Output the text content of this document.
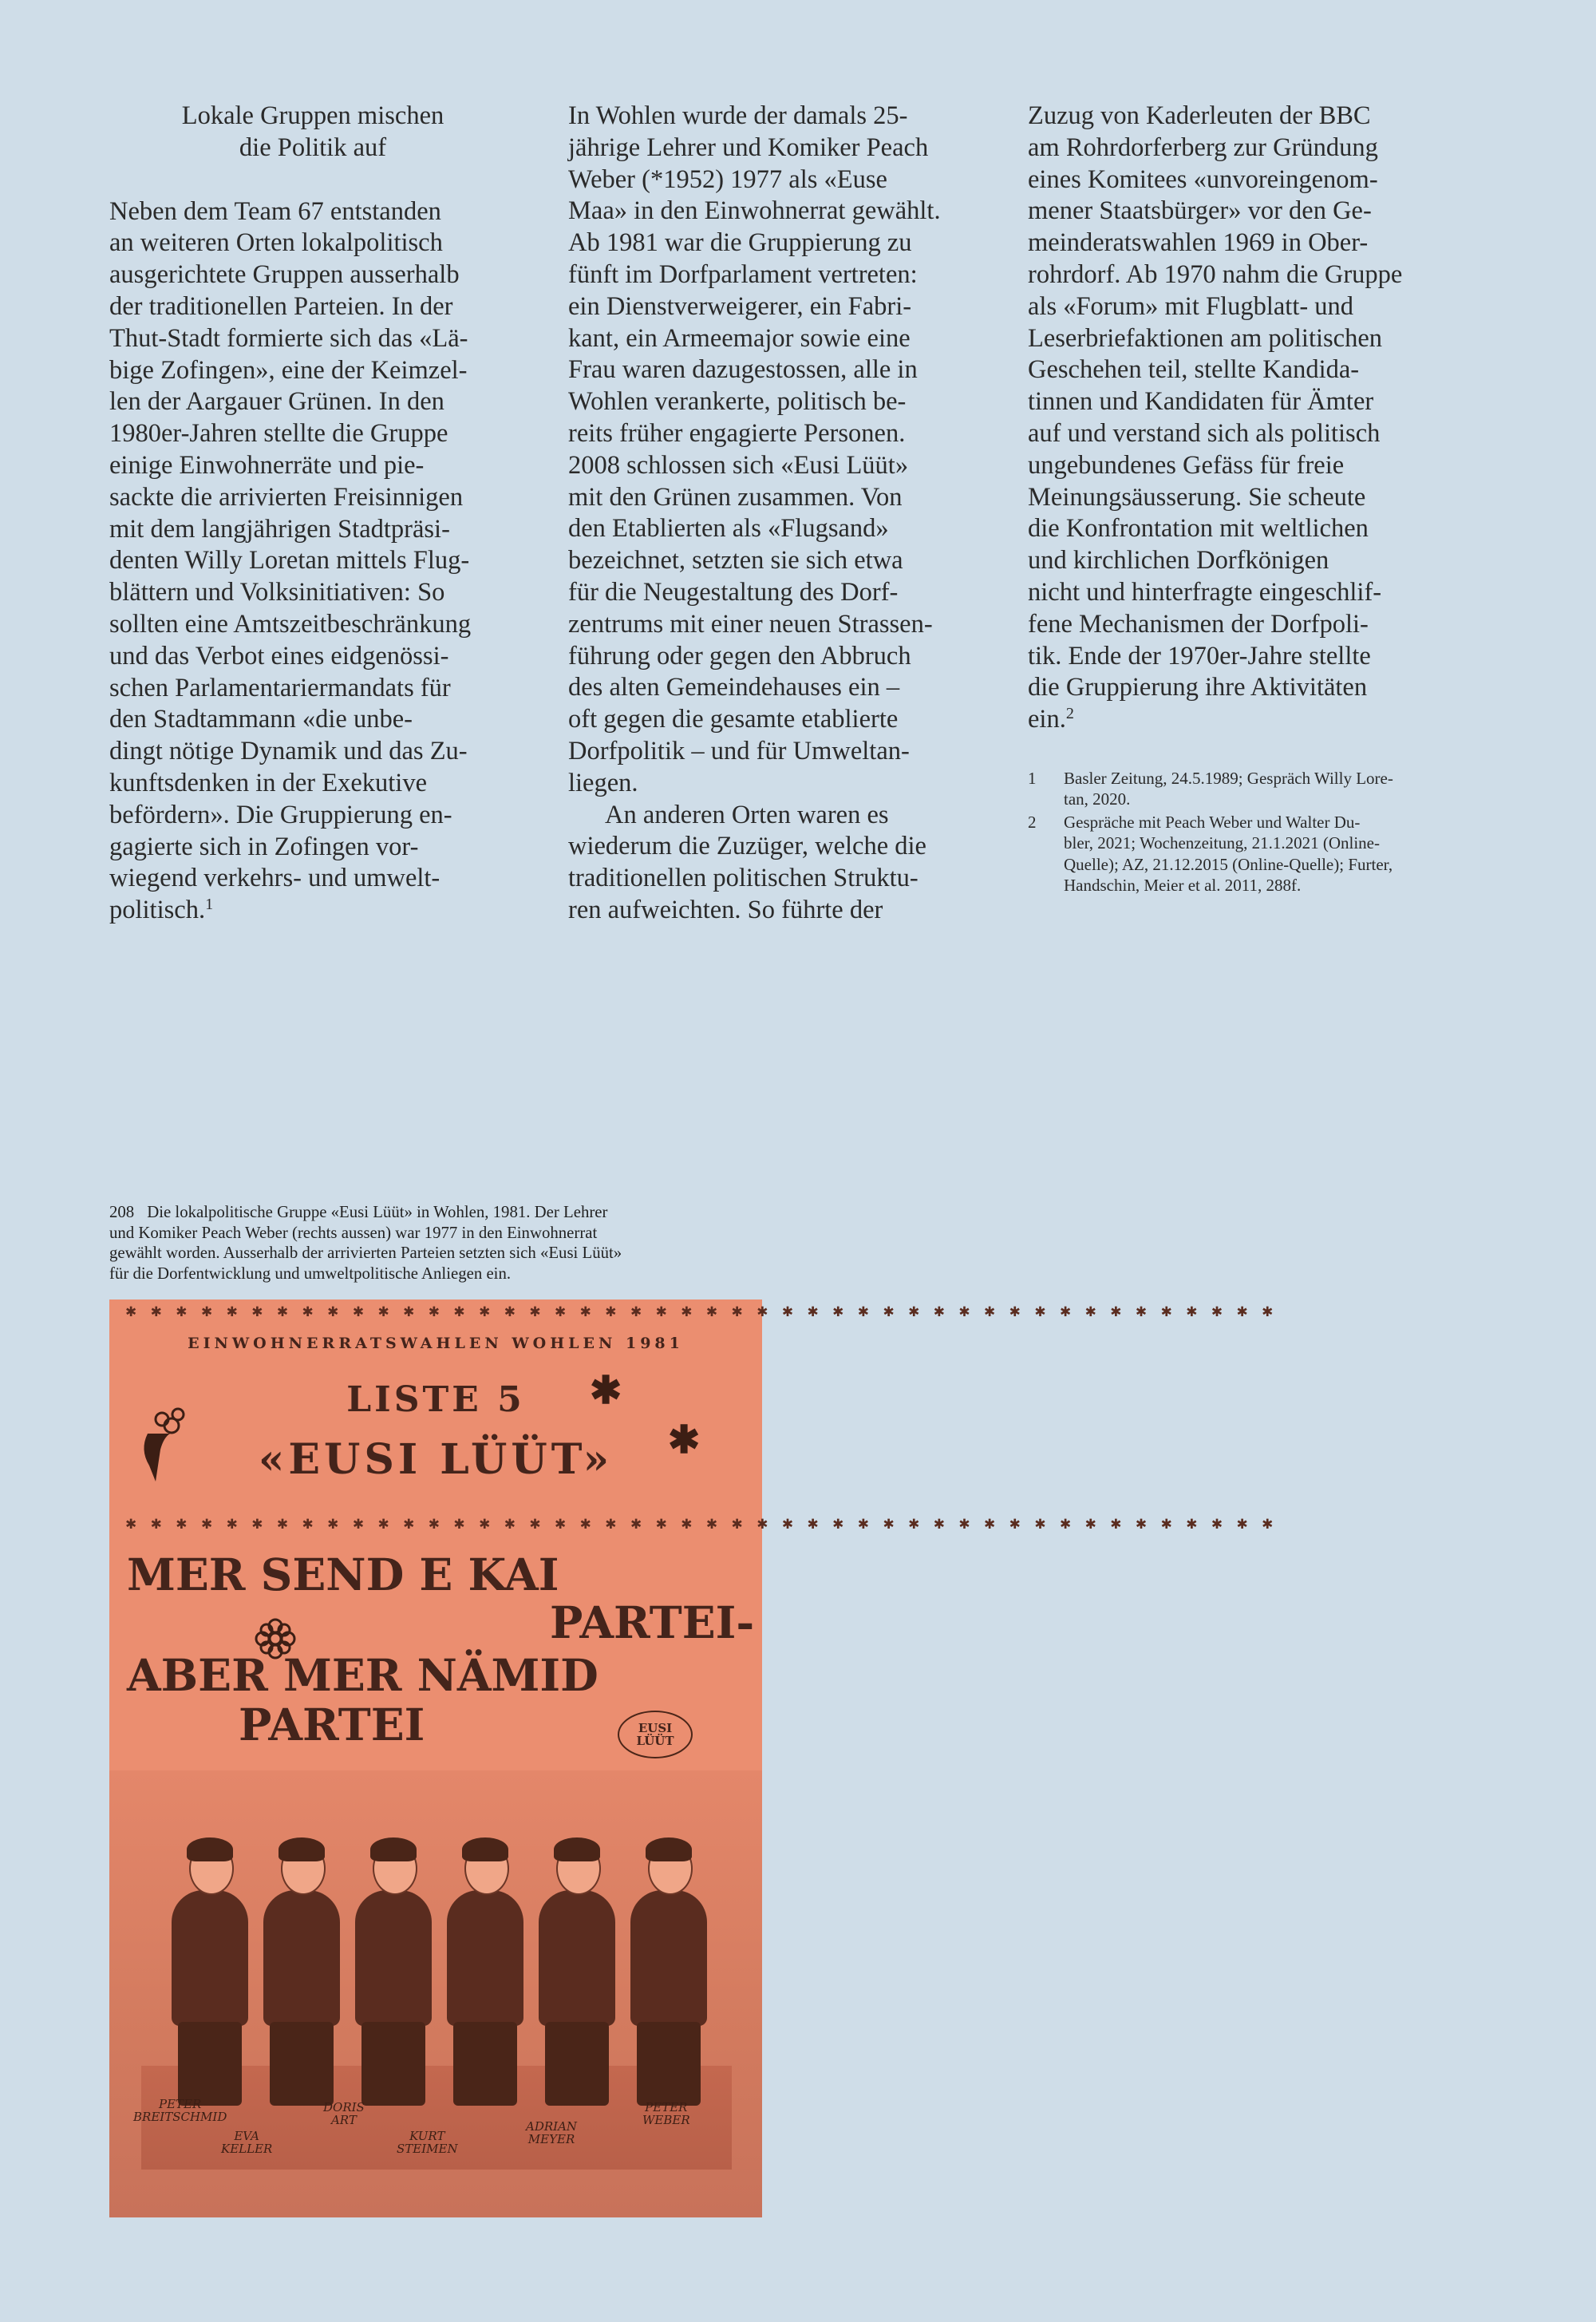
Lokale Gruppen mischen
die Politik auf

Neben dem Team 67 entstanden
an weiteren Orten lokalpolitisch
ausgerichtete Gruppen ausserhalb
der traditionellen Parteien. In der
Thut-Stadt formierte sich das «Lä-
bige Zofingen», eine der Keimzel-
len der Aargauer Grünen. In den
1980er-Jahren stellte die Gruppe
einige Einwohnerräte und pie-
sackte die arrivierten Freisinnigen
mit dem langjährigen Stadtpräsi-
denten Willy Loretan mittels Flug-
blättern und Volksinitiativen: So
sollten eine Amtszeitbeschränkung
und das Verbot eines eidgenössi-
schen Parlamentariermandats für
den Stadtammann «die unbe-
dingt nötige Dynamik und das Zu-
kunftsdenken in der Exekutive
befördern». Die Gruppierung en-
gagierte sich in Zofingen vor-
wiegend verkehrs- und umwelt-
politisch.$^1$

In Wohlen wurde der damals 25-
jährige Lehrer und Komiker Peach
Weber (*1952) 1977 als «Euse
Maa» in den Einwohnerrat gewählt.
Ab 1981 war die Gruppierung zu
fünft im Dorfparlament vertreten:
ein Dienstverweigerer, ein Fabri-
kant, ein Armeemajor sowie eine
Frau waren dazugestossen, alle in
Wohlen verankerte, politisch be-
reits früher engagierte Personen.
2008 schlossen sich «Eusi Lüüt»
mit den Grünen zusammen. Von
den Etablierten als «Flugsand»
bezeichnet, setzten sie sich etwa
für die Neugestaltung des Dorf-
zentrums mit einer neuen Strassen-
führung oder gegen den Abbruch
des alten Gemeindehauses ein –
oft gegen die gesamte etablierte
Dorfpolitik – und für Umweltan-
liegen.

An anderen Orten waren es
wiederum die Zuzüger, welche die
traditionellen politischen Struktu-
ren aufweichten. So führte der

Zuzug von Kaderleuten der BBC
am Rohrdorferberg zur Gründung
eines Komitees «unvoreingenom-
mener Staatsbürger» vor den Ge-
meinderatswahlen 1969 in Ober-
rohrdorf. Ab 1970 nahm die Gruppe
als «Forum» mit Flugblatt- und
Leserbriefaktionen am politischen
Geschehen teil, stellte Kandida-
tinnen und Kandidaten für Ämter
auf und verstand sich als politisch
ungebundenes Gefäss für freie
Meinungsäusserung. Sie scheute
die Konfrontation mit weltlichen
und kirchlichen Dorfkönigen
nicht und hinterfragte eingeschlif-
fene Mechanismen der Dorfpoli-
tik. Ende der 1970er-Jahre stellte
die Gruppierung ihre Aktivitäten
ein.$^2$

1	Basler Zeitung, 24.5.1989; Gespräch Willy Lore-
tan, 2020.
2	Gespräche mit Peach Weber und Walter Du-
bler, 2021; Wochenzeitung, 21.1.2021 (Online-
Quelle); AZ, 21.12.2015 (Online-Quelle); Furter,
Handschin, Meier et al. 2011, 288f.
208 Die lokalpolitische Gruppe «Eusi Lüüt» in Wohlen, 1981. Der Lehrer
und Komiker Peach Weber (rechts aussen) war 1977 in den Einwohnerrat
gewählt worden. Ausserhalb der arrivierten Parteien setzten sich «Eusi Lüüt»
für die Dorfentwicklung und umweltpolitische Anliegen ein.
✱ ✱ ✱ ✱ ✱ ✱ ✱ ✱ ✱ ✱ ✱ ✱ ✱ ✱ ✱ ✱ ✱ ✱ ✱ ✱ ✱ ✱ ✱ ✱ ✱ ✱ ✱ ✱ ✱ ✱ ✱ ✱ ✱ ✱ ✱ ✱ ✱ ✱ ✱ ✱ ✱ ✱ ✱ ✱ ✱ ✱
EINWOHNERRATSWAHLEN WOHLEN 1981
LISTE 5	✱
«EUSI LÜÜT»	✱
✱ ✱ ✱ ✱ ✱ ✱ ✱ ✱ ✱ ✱ ✱ ✱ ✱ ✱ ✱ ✱ ✱ ✱ ✱ ✱ ✱ ✱ ✱ ✱ ✱ ✱ ✱ ✱ ✱ ✱ ✱ ✱ ✱ ✱ ✱ ✱ ✱ ✱ ✱ ✱ ✱ ✱ ✱ ✱ ✱ ✱
MER SEND E KAI
PARTEI-
ABER MER NÄMID
PARTEI	EUSI
LÜÜT
PETER
BREITSCHMID
EVA
KELLER
DORIS
ART
KURT
STEIMEN
ADRIAN
MEYER
PETER
WEBER
